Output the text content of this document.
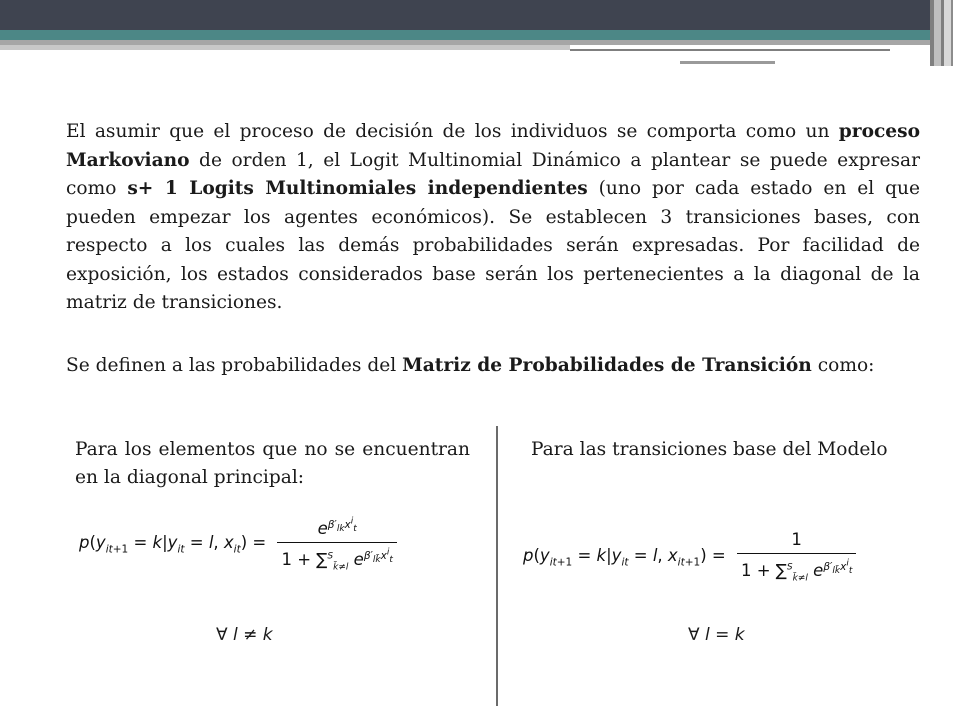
El asumir que el proceso de decisión de los individuos se comporta como un proceso Markoviano de orden 1, el Logit Multinomial Dinámico a plantear se puede expresar como s+ 1 Logits Multinomiales independientes (uno por cada estado en el que pueden empezar los agentes económicos). Se establecen 3 transiciones bases, con respecto a los cuales las demás probabilidades serán expresadas. Por facilidad de exposición, los estados considerados base serán los pertenecientes a la diagonal de la matriz de transiciones.

Se definen a las probabilidades del Matriz de Probabilidades de Transición como:

Para los elementos que no se encuentran en la diagonal principal:

Para las transiciones base del Modelo

$p(y_{it+1} = k|y_{it} = l$, $x_{it}) = \frac{e^{\beta'_{lk}x^i_t}}{1 + \sum^S_{k̃\ne l} e^{\beta'_{lk̃}x^i_t}}$
∀ l ≠ k
$p(y_{it+1} = k|y_{it} = l$, $x_{it+1}) = \frac{1}{1 + \sum^S_{k̃\ne l} e^{\beta'_{lk̃}x^i_t}}$
∀ l = k
